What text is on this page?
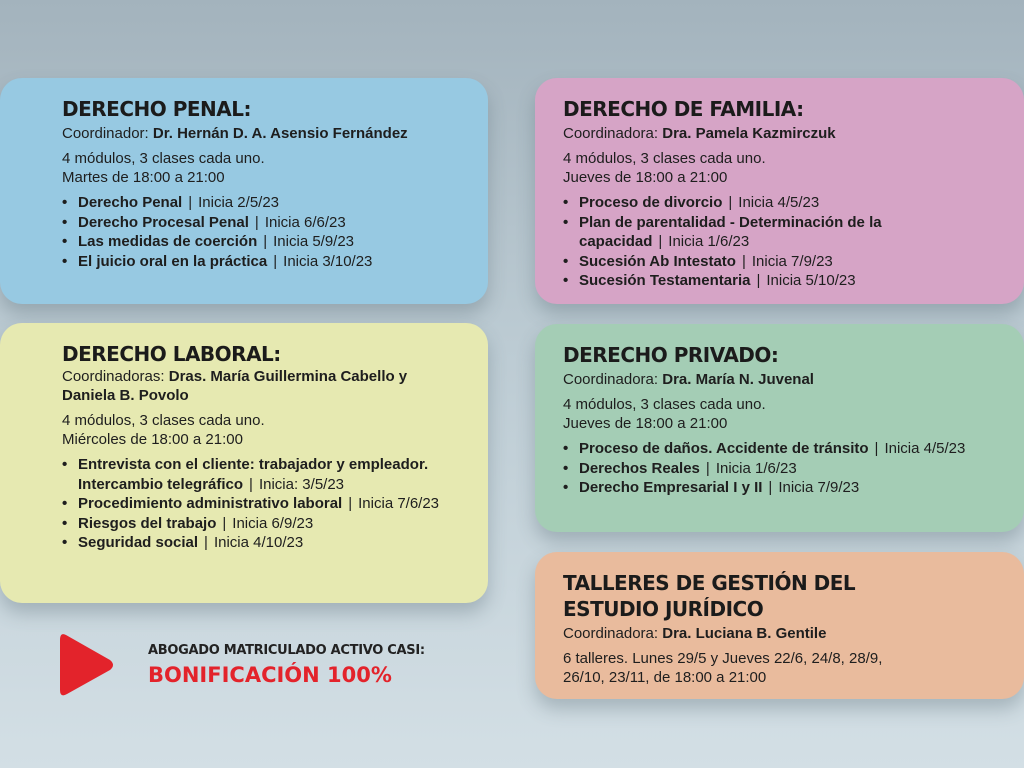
DERECHO PENAL:
Coordinador: Dr. Hernán D. A. Asensio Fernández
4 módulos, 3 clases cada uno.
Martes de 18:00 a 21:00
• Derecho Penal | Inicia 2/5/23
• Derecho Procesal Penal | Inicia 6/6/23
• Las medidas de coerción | Inicia 5/9/23
• El juicio oral en la práctica | Inicia 3/10/23
DERECHO DE FAMILIA:
Coordinadora: Dra. Pamela Kazmirczuk
4 módulos, 3 clases cada uno.
Jueves de 18:00 a 21:00
• Proceso de divorcio | Inicia 4/5/23
• Plan de parentalidad - Determinación de la capacidad | Inicia 1/6/23
• Sucesión Ab Intestato | Inicia 7/9/23
• Sucesión Testamentaria | Inicia 5/10/23
DERECHO LABORAL:
Coordinadoras: Dras. María Guillermina Cabello y Daniela B. Povolo
4 módulos, 3 clases cada uno.
Miércoles de 18:00 a 21:00
• Entrevista con el cliente: trabajador y empleador. Intercambio telegráfico | Inicia: 3/5/23
• Procedimiento administrativo laboral | Inicia 7/6/23
• Riesgos del trabajo | Inicia 6/9/23
• Seguridad social | Inicia 4/10/23
DERECHO PRIVADO:
Coordinadora: Dra. María N. Juvenal
4 módulos, 3 clases cada uno.
Jueves de 18:00 a 21:00
• Proceso de daños. Accidente de tránsito | Inicia 4/5/23
• Derechos Reales | Inicia 1/6/23
• Derecho Empresarial I y II | Inicia 7/9/23
TALLERES DE GESTIÓN DEL
ESTUDIO JURÍDICO
Coordinadora: Dra. Luciana B. Gentile
6 talleres. Lunes 29/5 y Jueves 22/6, 24/8, 28/9,
26/10, 23/11, de 18:00 a 21:00
ABOGADO MATRICULADO ACTIVO CASI:
BONIFICACIÓN 100%
